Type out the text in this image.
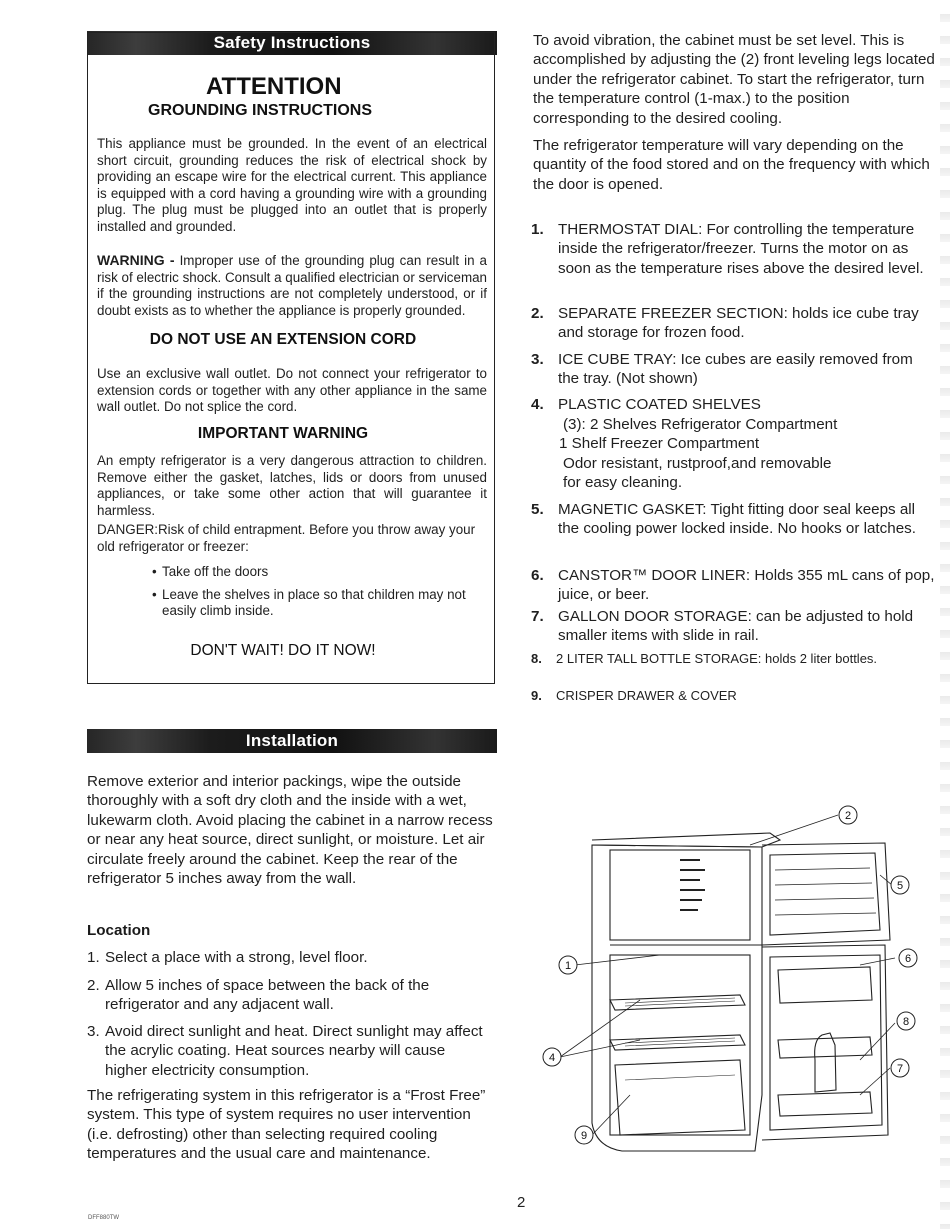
Safety Instructions
ATTENTION
GROUNDING INSTRUCTIONS
This appliance must be grounded. In the event of an electrical short circuit, grounding reduces the risk of electrical shock by providing an escape wire for the electrical current. This appliance is equipped with a cord having a grounding wire with a grounding plug. The plug must be plugged into an outlet that is properly installed and grounded.
WARNING - Improper use of the grounding plug can result in a risk of electric shock. Consult a qualified electrician or serviceman if the grounding instructions are not completely understood, or if doubt exists as to whether the appliance is properly grounded.
DO NOT USE AN EXTENSION CORD
Use an exclusive wall outlet. Do not connect your refrigerator to extension cords or together with any other appliance in the same wall outlet. Do not splice the cord.
IMPORTANT WARNING
An empty refrigerator is a very dangerous attraction to children. Remove either the gasket, latches, lids or doors from unused appliances, or take some other action that will guarantee it harmless.
DANGER:Risk of child entrapment. Before you throw away your old refrigerator or freezer:
• Take off the doors
• Leave the shelves in place so that children may not easily climb inside.
DON'T WAIT! DO IT NOW!
Installation
Remove exterior and interior packings, wipe the outside thoroughly with a soft dry cloth and the inside with a wet, lukewarm cloth. Avoid placing the cabinet in a narrow recess or near any heat source, direct sunlight, or moisture. Let air circulate freely around the cabinet. Keep the rear of the refrigerator 5 inches away from the wall.
Location
1. Select a place with a strong, level floor.
2. Allow 5 inches of space between the back of the refrigerator and any adjacent wall.
3. Avoid direct sunlight and heat. Direct sunlight may affect the acrylic coating. Heat sources nearby will cause higher electricity consumption.
The refrigerating system in this refrigerator is a “Frost Free” system. This type of system requires no user intervention (i.e. defrosting) other than selecting required cooling temperatures and the usual care and maintenance.
To avoid vibration, the cabinet must be set level. This is accomplished by adjusting the (2) front leveling legs located under the refrigerator cabinet. To start the refrigerator, turn the temperature control (1-max.) to the position corresponding to the desired cooling.
The refrigerator temperature will vary depending on the quantity of the food stored and on the frequency with which the door is opened.
1. THERMOSTAT DIAL: For controlling the temperature inside the refrigerator/freezer. Turns the motor on as soon as the temperature rises above the desired level.
2. SEPARATE FREEZER SECTION: holds ice cube tray and storage for frozen food.
3. ICE CUBE TRAY: Ice cubes are easily removed from the tray. (Not shown)
4. PLASTIC COATED SHELVES
(3): 2 Shelves Refrigerator Compartment
1 Shelf Freezer Compartment
Odor resistant, rustproof,and removable
for easy cleaning.
5. MAGNETIC GASKET: Tight fitting door seal keeps all the cooling power locked inside. No hooks or latches.
6. CANSTOR™ DOOR LINER: Holds 355 mL cans of pop, juice, or beer.
7. GALLON DOOR STORAGE: can be adjusted to hold smaller items with slide in rail.
8. 2 LITER TALL BOTTLE STORAGE: holds 2 liter bottles.
9. CRISPER DRAWER & COVER
2
5
1
6
8
4
7
9
2
DFF880TW
